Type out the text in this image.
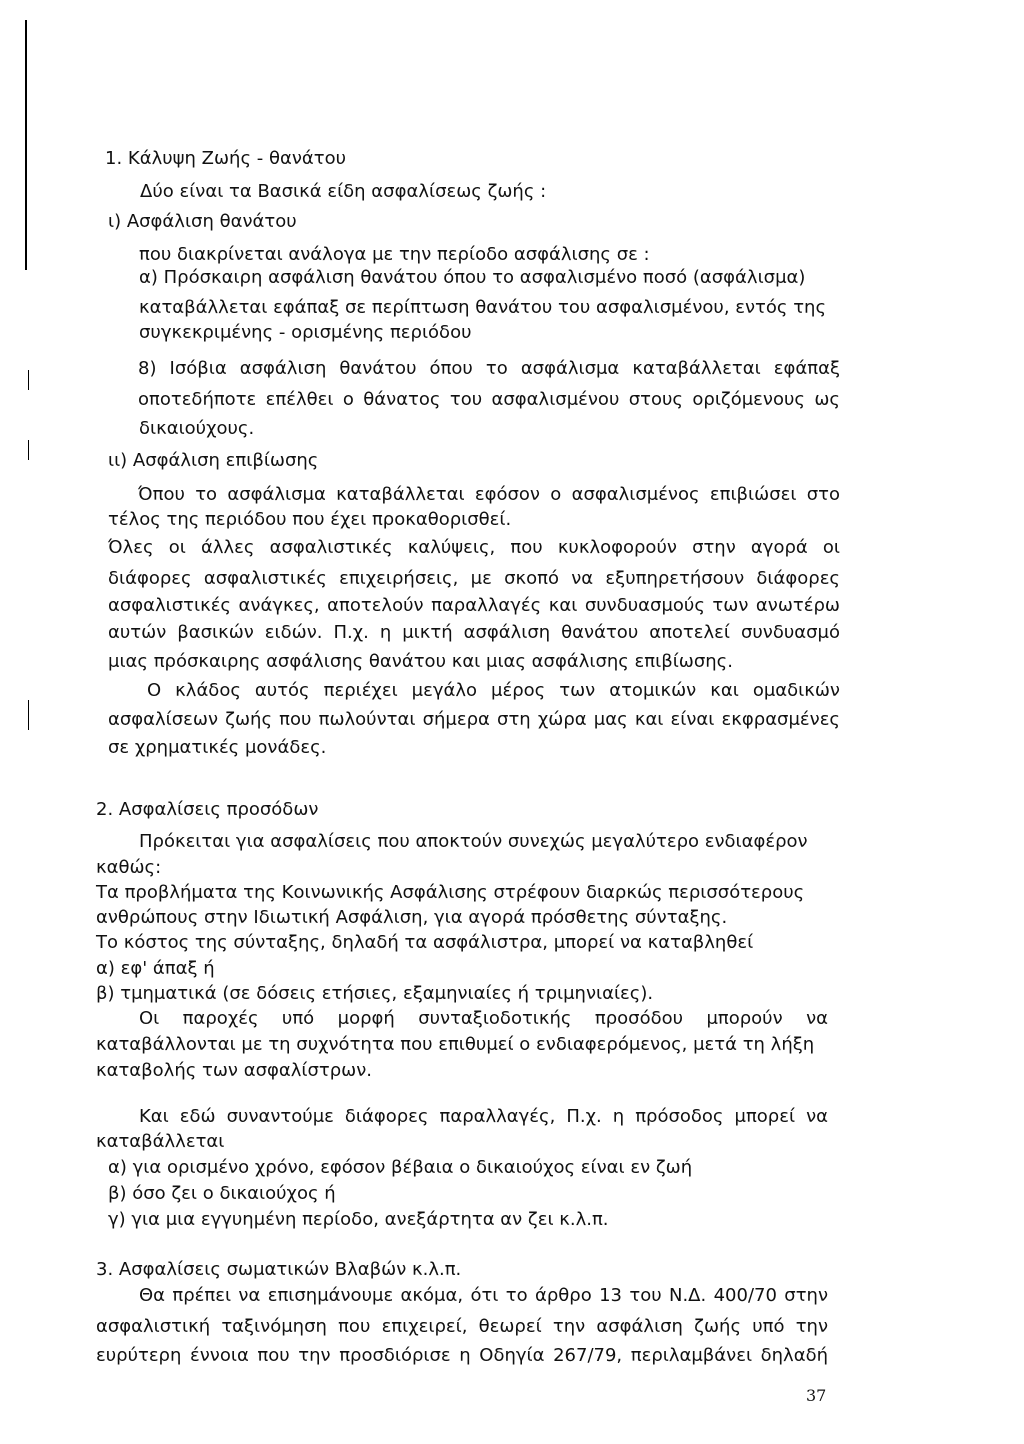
1. Κάλυψη Ζωής - θανάτου
Δύο είναι τα Βασικά είδη ασφαλίσεως ζωής :
ι) Ασφάλιση θανάτου
που διακρίνεται ανάλογα με την περίοδο ασφάλισης σε :
α) Πρόσκαιρη ασφάλιση θανάτου όπου το ασφαλισμένο ποσό (ασφάλισμα)
καταβάλλεται εφάπαξ σε περίπτωση θανάτου του ασφαλισμένου, εντός της
συγκεκριμένης - ορισμένης περιόδου
8) Ισόβια ασφάλιση θανάτου όπου το ασφάλισμα καταβάλλεται εφάπαξ
οποτεδήποτε επέλθει ο θάνατος του ασφαλισμένου στους οριζόμενους ως
δικαιούχους.
ιι) Ασφάλιση επιβίωσης
Όπου το ασφάλισμα καταβάλλεται εφόσον ο ασφαλισμένος επιβιώσει στο
τέλος της περιόδου που έχει προκαθορισθεί.
Όλες οι άλλες ασφαλιστικές καλύψεις, που κυκλοφορούν στην αγορά οι
διάφορες ασφαλιστικές επιχειρήσεις, με σκοπό να εξυπηρετήσουν διάφορες
ασφαλιστικές ανάγκες, αποτελούν παραλλαγές και συνδυασμούς των ανωτέρω
αυτών βασικών ειδών. Π.χ. η μικτή ασφάλιση θανάτου αποτελεί συνδυασμό
μιας πρόσκαιρης ασφάλισης θανάτου και μιας ασφάλισης επιβίωσης.
Ο κλάδος αυτός περιέχει μεγάλο μέρος των ατομικών και ομαδικών
ασφαλίσεων ζωής που πωλούνται σήμερα στη χώρα μας και είναι εκφρασμένες
σε χρηματικές μονάδες.
2. Ασφαλίσεις προσόδων
Πρόκειται για ασφαλίσεις που αποκτούν συνεχώς μεγαλύτερο ενδιαφέρον
καθώς:
Τα προβλήματα της Κοινωνικής Ασφάλισης στρέφουν διαρκώς περισσότερους
ανθρώπους στην Ιδιωτική Ασφάλιση, για αγορά πρόσθετης σύνταξης.
Το κόστος της σύνταξης, δηλαδή τα ασφάλιστρα, μπορεί να καταβληθεί
α) εφ' άπαξ ή
β) τμηματικά (σε δόσεις ετήσιες, εξαμηνιαίες ή τριμηνιαίες).
Οι παροχές υπό μορφή συνταξιοδοτικής προσόδου μπορούν να
καταβάλλονται με τη συχνότητα που επιθυμεί ο ενδιαφερόμενος, μετά τη λήξη
καταβολής των ασφαλίστρων.
Και εδώ συναντούμε διάφορες παραλλαγές, Π.χ. η πρόσοδος μπορεί να
καταβάλλεται
α) για ορισμένο χρόνο, εφόσον βέβαια ο δικαιούχος είναι εν ζωή
β) όσο ζει ο δικαιούχος ή
γ) για μια εγγυημένη περίοδο, ανεξάρτητα αν ζει κ.λ.π.
3. Ασφαλίσεις σωματικών Βλαβών κ.λ.π.
Θα πρέπει να επισημάνουμε ακόμα, ότι το άρθρο 13 του Ν.Δ. 400/70 στην
ασφαλιστική ταξινόμηση που επιχειρεί, θεωρεί την ασφάλιση ζωής υπό την
ευρύτερη έννοια που την προσδιόρισε η Οδηγία 267/79, περιλαμβάνει δηλαδή
37
